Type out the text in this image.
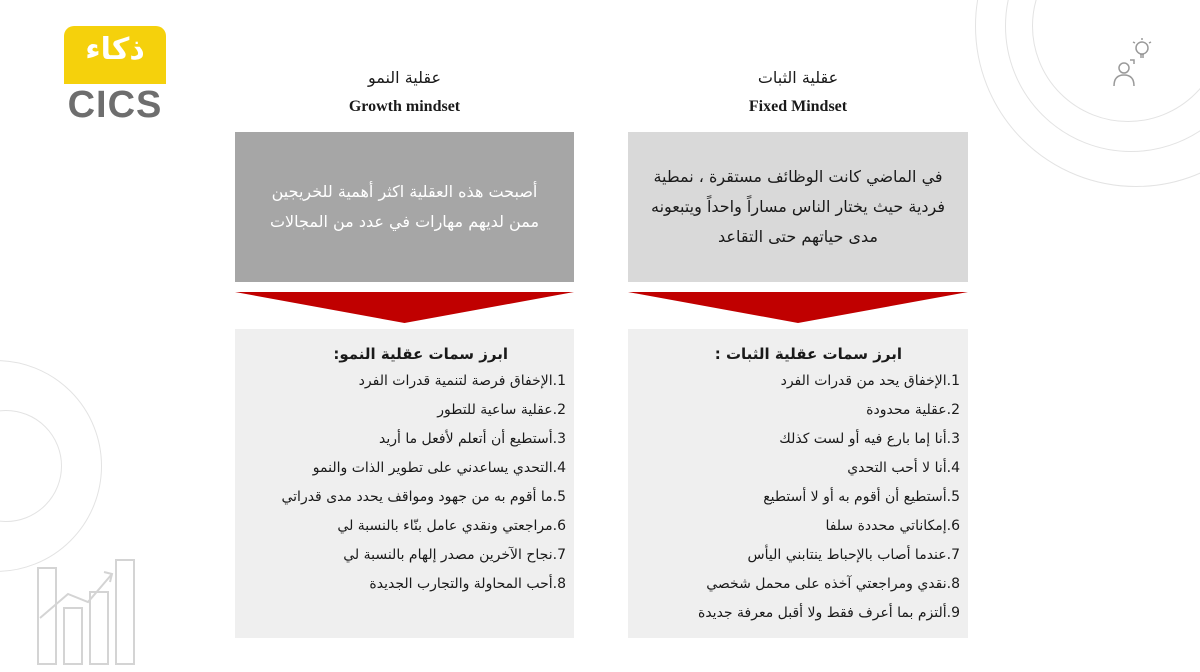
ذكاء
CICS
عقلية النمو
Growth mindset
عقلية الثبات
Fixed Mindset
أصبحت هذه العقلية اكثر أهمية للخريجين ممن لديهم مهارات في عدد من المجالات
في الماضي كانت الوظائف مستقرة ، نمطية فردية حيث يختار الناس مساراً واحداً ويتبعونه مدى حياتهم حتى التقاعد
ابرز سمات عقلية النمو:
1.الإخفاق فرصة لتنمية قدرات الفرد
2.عقلية ساعية للتطور
3.أستطيع أن أتعلم لأفعل ما أريد
4.التحدي يساعدني على تطوير الذات والنمو
5.ما أقوم به من جهود ومواقف يحدد مدى قدراتي
6.مراجعتي ونقدي عامل بنّاء بالنسبة لي
7.نجاح الآخرين مصدر إلهام بالنسبة لي
8.أحب المحاولة والتجارب الجديدة
ابرز سمات عقلية الثبات :
1.الإخفاق يحد من قدرات الفرد
2.عقلية محدودة
3.أنا إما بارع فيه أو لست كذلك
4.أنا لا أحب التحدي
5.أستطيع أن أقوم به أو لا أستطيع
6.إمكاناتي محددة سلفا
7.عندما أصاب بالإحباط ينتابني اليأس
8.نقدي ومراجعتي آخذه على محمل شخصي
9.ألتزم بما أعرف فقط ولا أقبل معرفة جديدة
